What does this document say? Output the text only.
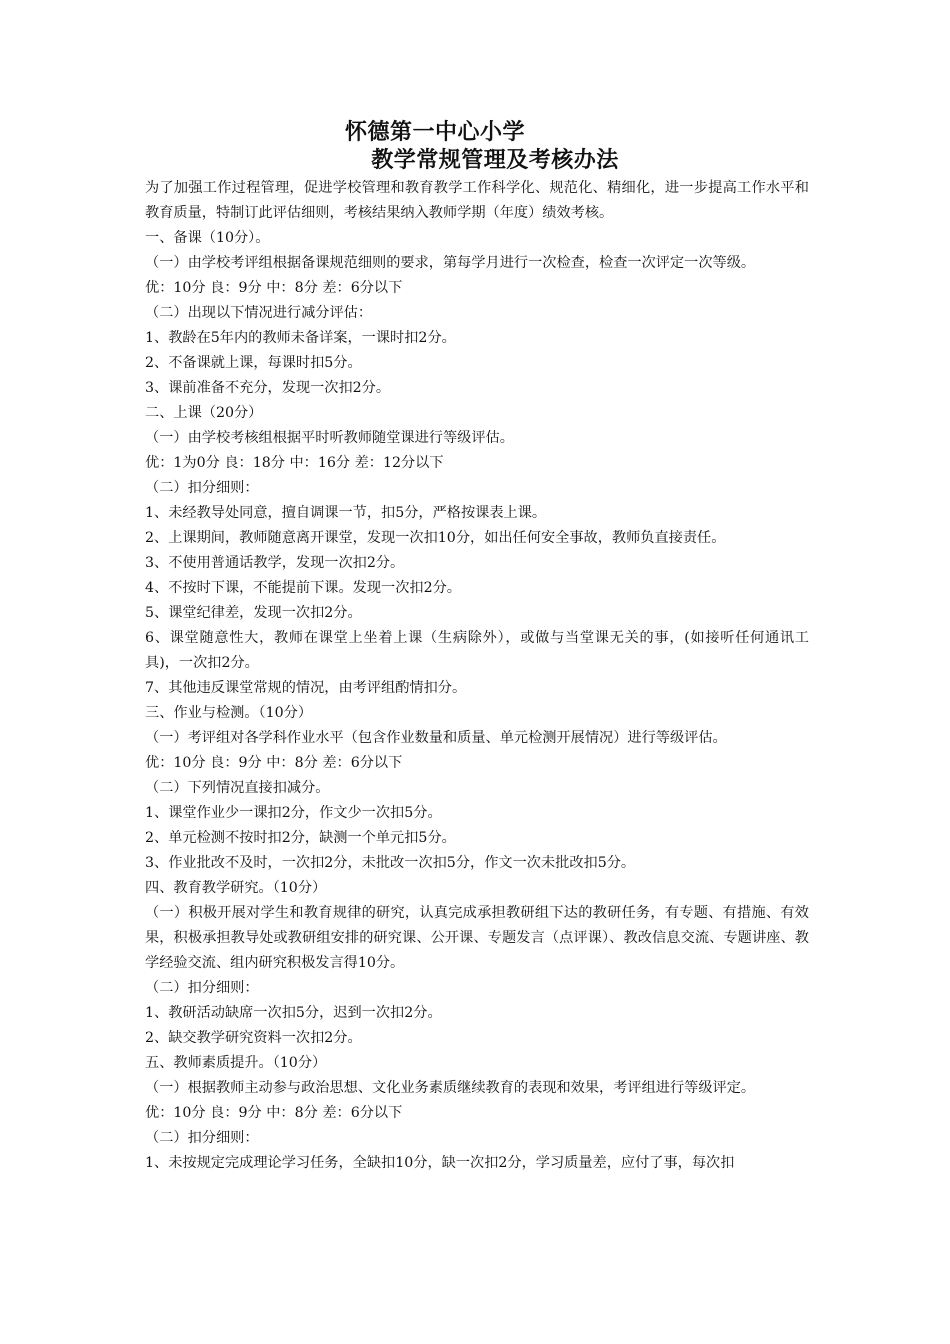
怀德第一中心小学
教学常规管理及考核办法
为了加强工作过程管理，促进学校管理和教育教学工作科学化、规范化、精细化，进一步提高工作水平和教育质量，特制订此评估细则，考核结果纳入教师学期（年度）绩效考核。
一、备课（10分）。
（一）由学校考评组根据备课规范细则的要求，第每学月进行一次检查，检查一次评定一次等级。
优：10分 良：9分 中：8分 差：6分以下
（二）出现以下情况进行减分评估：
1、教龄在5年内的教师未备详案，一课时扣2分。
2、不备课就上课，每课时扣5分。
3、课前准备不充分，发现一次扣2分。
二、上课（20分）
（一）由学校考核组根据平时听教师随堂课进行等级评估。
优：1为0分 良：18分 中：16分 差：12分以下
（二）扣分细则：
1、未经教导处同意，擅自调课一节，扣5分，严格按课表上课。
2、上课期间，教师随意离开课堂，发现一次扣10分，如出任何安全事故，教师负直接责任。
3、不使用普通话教学，发现一次扣2分。
4、不按时下课，不能提前下课。发现一次扣2分。
5、课堂纪律差，发现一次扣2分。
6、课堂随意性大，教师在课堂上坐着上课（生病除外），或做与当堂课无关的事，(如接听任何通讯工具)，一次扣2分。
7、其他违反课堂常规的情况，由考评组酌情扣分。
三、作业与检测。（10分）
（一）考评组对各学科作业水平（包含作业数量和质量、单元检测开展情况）进行等级评估。
优：10分 良：9分 中：8分 差：6分以下
（二）下列情况直接扣减分。
1、课堂作业少一课扣2分，作文少一次扣5分。
2、单元检测不按时扣2分，缺测一个单元扣5分。
3、作业批改不及时，一次扣2分，未批改一次扣5分，作文一次未批改扣5分。
四、教育教学研究。（10分）
（一）积极开展对学生和教育规律的研究，认真完成承担教研组下达的教研任务，有专题、有措施、有效果，积极承担教导处或教研组安排的研究课、公开课、专题发言（点评课）、教改信息交流、专题讲座、教学经验交流、组内研究积极发言得10分。
（二）扣分细则：
1、教研活动缺席一次扣5分，迟到一次扣2分。
2、缺交教学研究资料一次扣2分。
五、教师素质提升。（10分）
（一）根据教师主动参与政治思想、文化业务素质继续教育的表现和效果，考评组进行等级评定。
优：10分 良：9分 中：8分 差：6分以下
（二）扣分细则：
1、未按规定完成理论学习任务，全缺扣10分，缺一次扣2分，学习质量差，应付了事，每次扣
